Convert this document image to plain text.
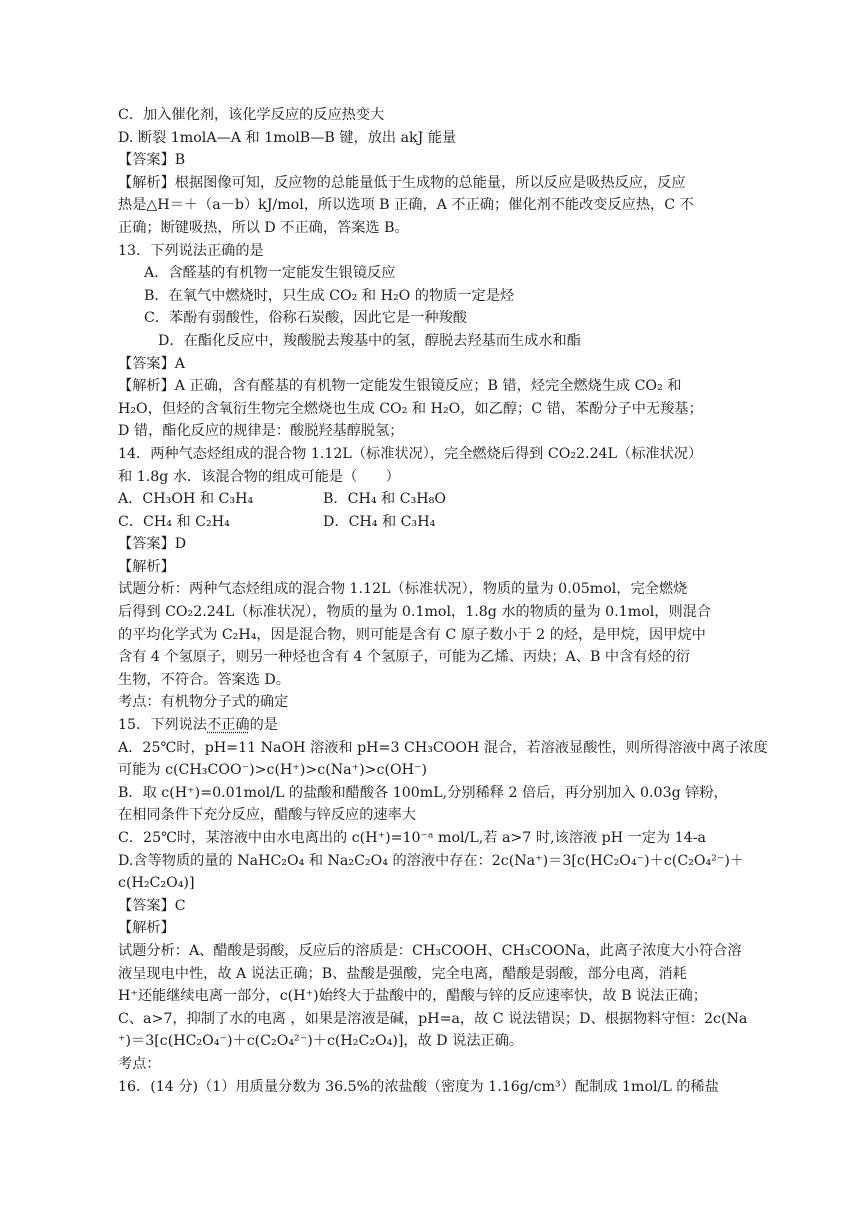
C．加入催化剂，该化学反应的反应热变大
D. 断裂 1molA—A 和 1molB—B 键，放出 akJ 能量
【答案】B
【解析】根据图像可知，反应物的总能量低于生成物的总能量，所以反应是吸热反应，反应
热是△H＝＋（a－b）kJ/mol，所以选项 B 正确，A 不正确；催化剂不能改变反应热，C 不
正确；断键吸热，所以 D 不正确，答案选 B。
13．下列说法正确的是
A．含醛基的有机物一定能发生银镜反应
B．在氧气中燃烧时，只生成 CO₂ 和 H₂O 的物质一定是烃
C．苯酚有弱酸性，俗称石炭酸，因此它是一种羧酸
D．在酯化反应中，羧酸脱去羧基中的氢，醇脱去羟基而生成水和酯
【答案】A
【解析】A 正确，含有醛基的有机物一定能发生银镜反应；B 错，烃完全燃烧生成 CO₂ 和
H₂O，但烃的含氧衍生物完全燃烧也生成 CO₂ 和 H₂O，如乙醇；C 错，苯酚分子中无羧基；
D 错，酯化反应的规律是：酸脱羟基醇脱氢；
14．两种气态烃组成的混合物 1.12L（标准状况），完全燃烧后得到 CO₂2.24L（标准状况）
和 1.8g 水．该混合物的组成可能是（　　）
A．CH₃OH 和 C₃H₄	B．CH₄ 和 C₃H₈O
C．CH₄ 和 C₂H₄	D．CH₄ 和 C₃H₄
【答案】D
【解析】
试题分析：两种气态烃组成的混合物 1.12L（标准状况），物质的量为 0.05mol，完全燃烧
后得到 CO₂2.24L（标准状况），物质的量为 0.1mol，1.8g 水的物质的量为 0.1mol，则混合
的平均化学式为 C₂H₄，因是混合物，则可能是含有 C 原子数小于 2 的烃，是甲烷，因甲烷中
含有 4 个氢原子，则另一种烃也含有 4 个氢原子，可能为乙烯、丙炔；A、B 中含有烃的衍
生物，不符合。答案选 D。
考点：有机物分子式的确定
15．下列说法不正确的是
A．25℃时，pH=11 NaOH 溶液和 pH=3 CH₃COOH 混合，若溶液显酸性，则所得溶液中离子浓度
可能为 c(CH₃COO⁻)>c(H⁺)>c(Na⁺)>c(OH⁻)
B．取 c(H⁺)=0.01mol/L 的盐酸和醋酸各 100mL,分别稀释 2 倍后，再分别加入 0.03g 锌粉，
在相同条件下充分反应，醋酸与锌反应的速率大
C．25℃时，某溶液中由水电离出的 c(H⁺)=10⁻ᵃ mol/L,若 a>7 时,该溶液 pH 一定为 14-a
D.含等物质的量的 NaHC₂O₄ 和 Na₂C₂O₄ 的溶液中存在：2c(Na⁺)＝3[c(HC₂O₄⁻)＋c(C₂O₄²⁻)＋
c(H₂C₂O₄)]
【答案】C
【解析】
试题分析：A、醋酸是弱酸，反应后的溶质是：CH₃COOH、CH₃COONa，此离子浓度大小符合溶
液呈现电中性，故 A 说法正确；B、盐酸是强酸，完全电离，醋酸是弱酸，部分电离，消耗
H⁺还能继续电离一部分，c(H⁺)始终大于盐酸中的，醋酸与锌的反应速率快，故 B 说法正确；
C、a>7，抑制了水的电离 ，如果是溶液是碱，pH=a，故 C 说法错误；D、根据物料守恒：2c(Na
⁺)＝3[c(HC₂O₄⁻)＋c(C₂O₄²⁻)＋c(H₂C₂O₄)]，故 D 说法正确。
考点：
16．(14 分)（1）用质量分数为 36.5%的浓盐酸（密度为 1.16g/cm³）配制成 1mol/L 的稀盐
